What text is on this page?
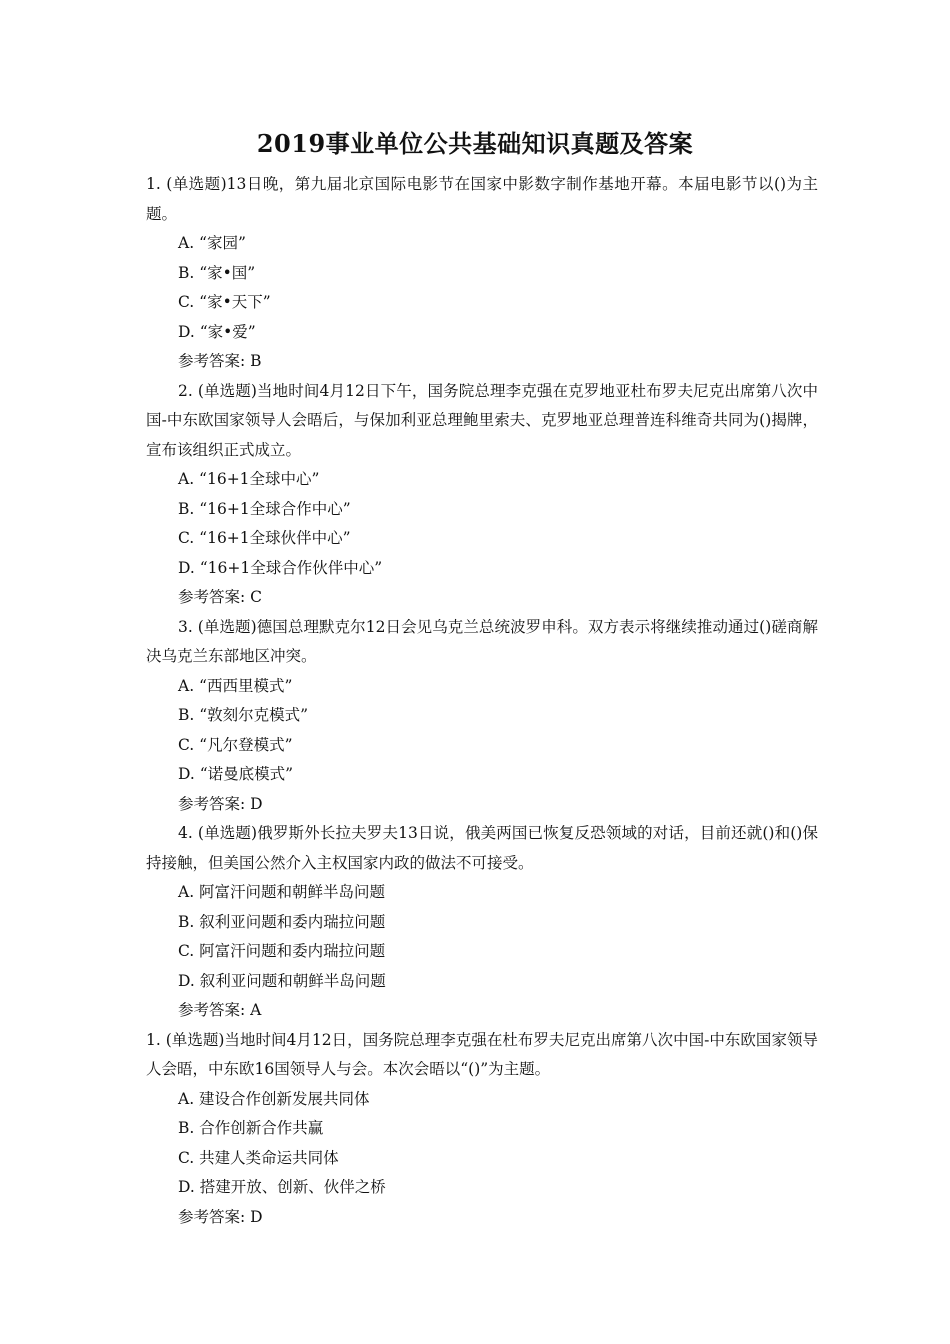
2019事业单位公共基础知识真题及答案

1. (单选题)13日晚，第九届北京国际电影节在国家中影数字制作基地开幕。本届电影节以()为主题。

A. “家园”

B. “家•国”

C. “家•天下”

D. “家•爱”

参考答案: B

2. (单选题)当地时间4月12日下午，国务院总理李克强在克罗地亚杜布罗夫尼克出席第八次中国-中东欧国家领导人会晤后，与保加利亚总理鲍里索夫、克罗地亚总理普连科维奇共同为()揭牌，宣布该组织正式成立。

A. “16+1全球中心”

B. “16+1全球合作中心”

C. “16+1全球伙伴中心”

D. “16+1全球合作伙伴中心”

参考答案: C

3. (单选题)德国总理默克尔12日会见乌克兰总统波罗申科。双方表示将继续推动通过()磋商解决乌克兰东部地区冲突。

A. “西西里模式”

B. “敦刻尔克模式”

C. “凡尔登模式”

D. “诺曼底模式”

参考答案: D

4. (单选题)俄罗斯外长拉夫罗夫13日说，俄美两国已恢复反恐领域的对话，目前还就()和()保持接触，但美国公然介入主权国家内政的做法不可接受。

A. 阿富汗问题和朝鲜半岛问题

B. 叙利亚问题和委内瑞拉问题

C. 阿富汗问题和委内瑞拉问题

D. 叙利亚问题和朝鲜半岛问题

参考答案: A

1. (单选题)当地时间4月12日，国务院总理李克强在杜布罗夫尼克出席第八次中国-中东欧国家领导人会晤，中东欧16国领导人与会。本次会晤以“()”为主题。

A. 建设合作创新发展共同体

B. 合作创新合作共赢

C. 共建人类命运共同体

D. 搭建开放、创新、伙伴之桥

参考答案: D
